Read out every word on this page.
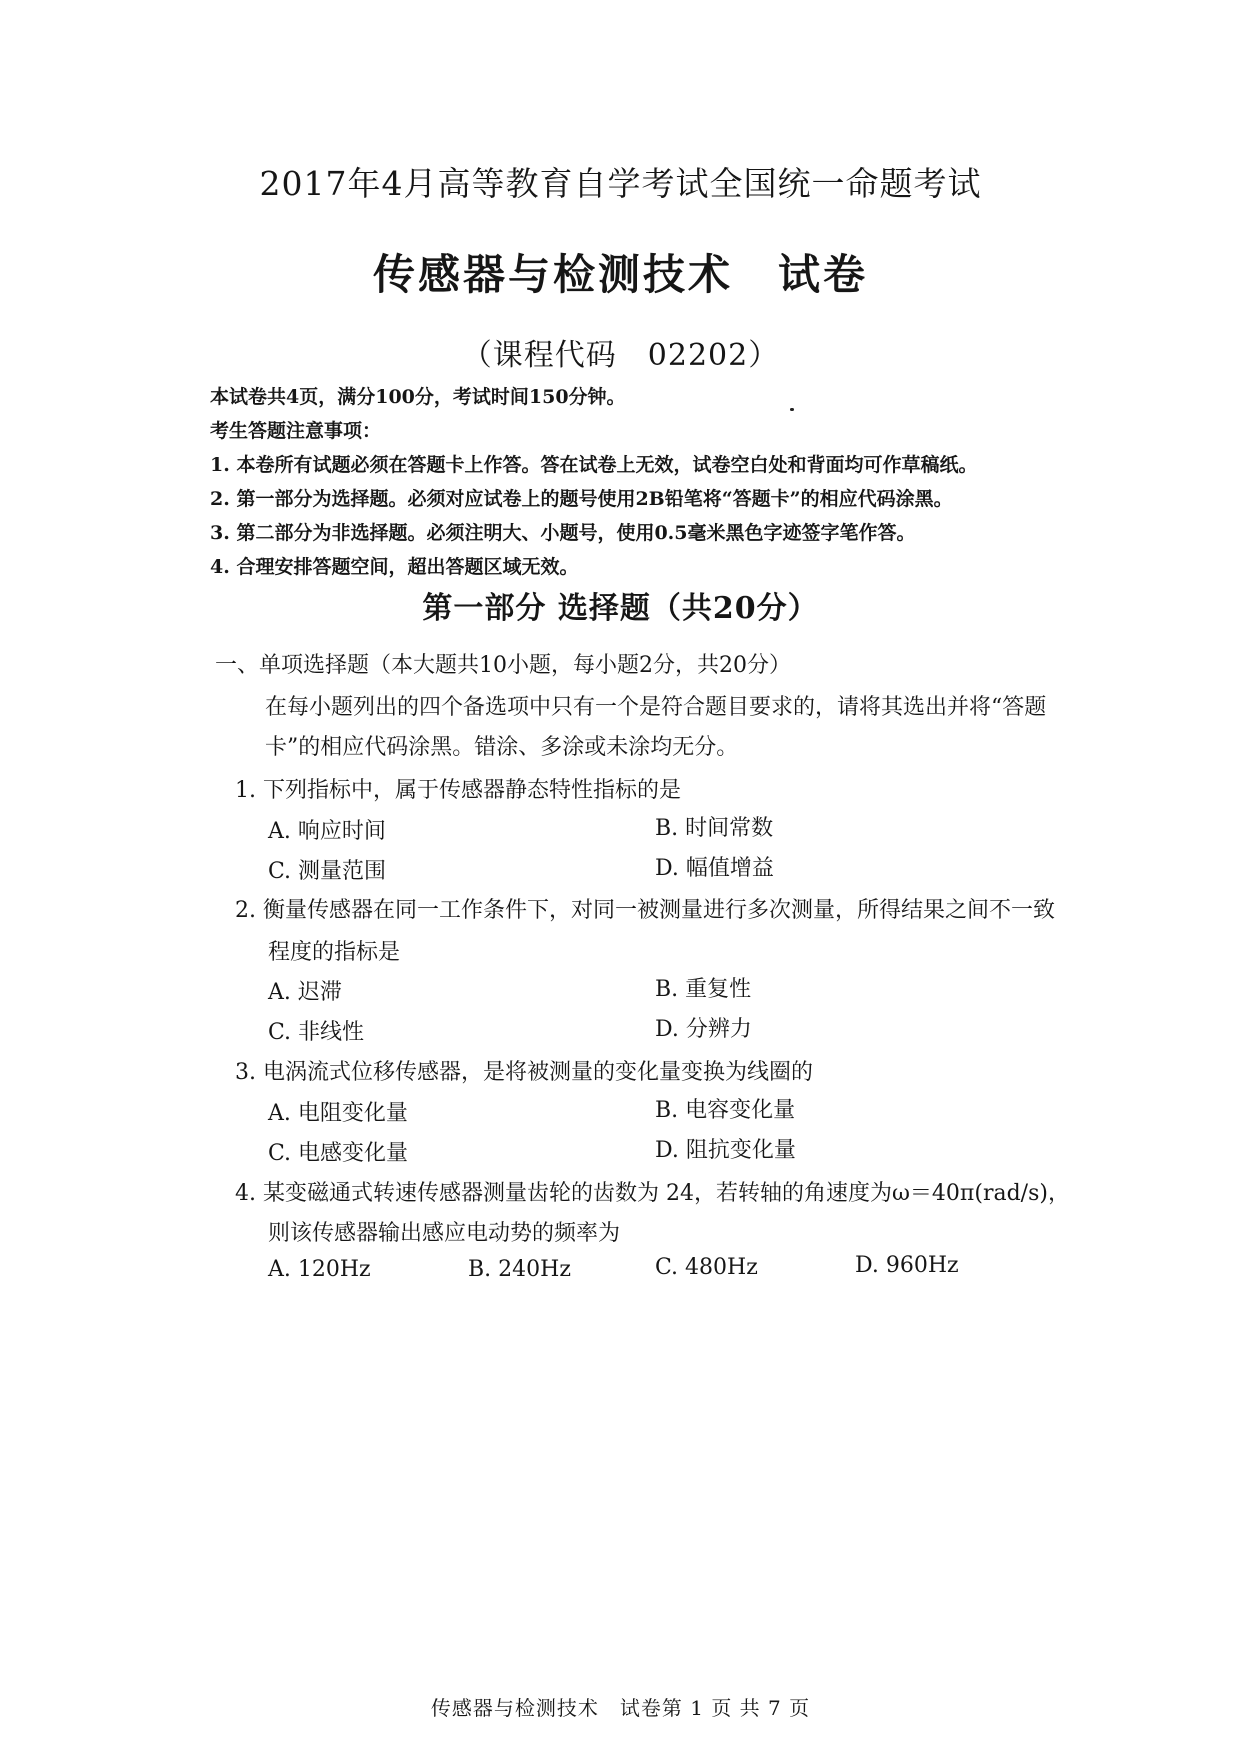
2017年4月高等教育自学考试全国统一命题考试
传感器与检测技术　试卷
（课程代码　02202）
本试卷共4页，满分100分，考试时间150分钟。
考生答题注意事项：
1. 本卷所有试题必须在答题卡上作答。答在试卷上无效，试卷空白处和背面均可作草稿纸。
2. 第一部分为选择题。必须对应试卷上的题号使用2B铅笔将“答题卡”的相应代码涂黑。
3. 第二部分为非选择题。必须注明大、小题号，使用0.5毫米黑色字迹签字笔作答。
4. 合理安排答题空间，超出答题区域无效。
第一部分 选择题（共20分）
一、单项选择题（本大题共10小题，每小题2分，共20分）
在每小题列出的四个备选项中只有一个是符合题目要求的，请将其选出并将“答题
卡”的相应代码涂黑。错涂、多涂或未涂均无分。
1. 下列指标中，属于传感器静态特性指标的是
A. 响应时间	B. 时间常数
C. 测量范围	D. 幅值增益
2. 衡量传感器在同一工作条件下，对同一被测量进行多次测量，所得结果之间不一致
程度的指标是
A. 迟滞	B. 重复性
C. 非线性	D. 分辨力
3. 电涡流式位移传感器，是将被测量的变化量变换为线圈的
A. 电阻变化量	B. 电容变化量
C. 电感变化量	D. 阻抗变化量
4. 某变磁通式转速传感器测量齿轮的齿数为 24，若转轴的角速度为ω＝40π(rad/s)，
则该传感器输出感应电动势的频率为
A. 120Hz	B. 240Hz	C. 480Hz	D. 960Hz
传感器与检测技术　试卷第 1 页 共 7 页
